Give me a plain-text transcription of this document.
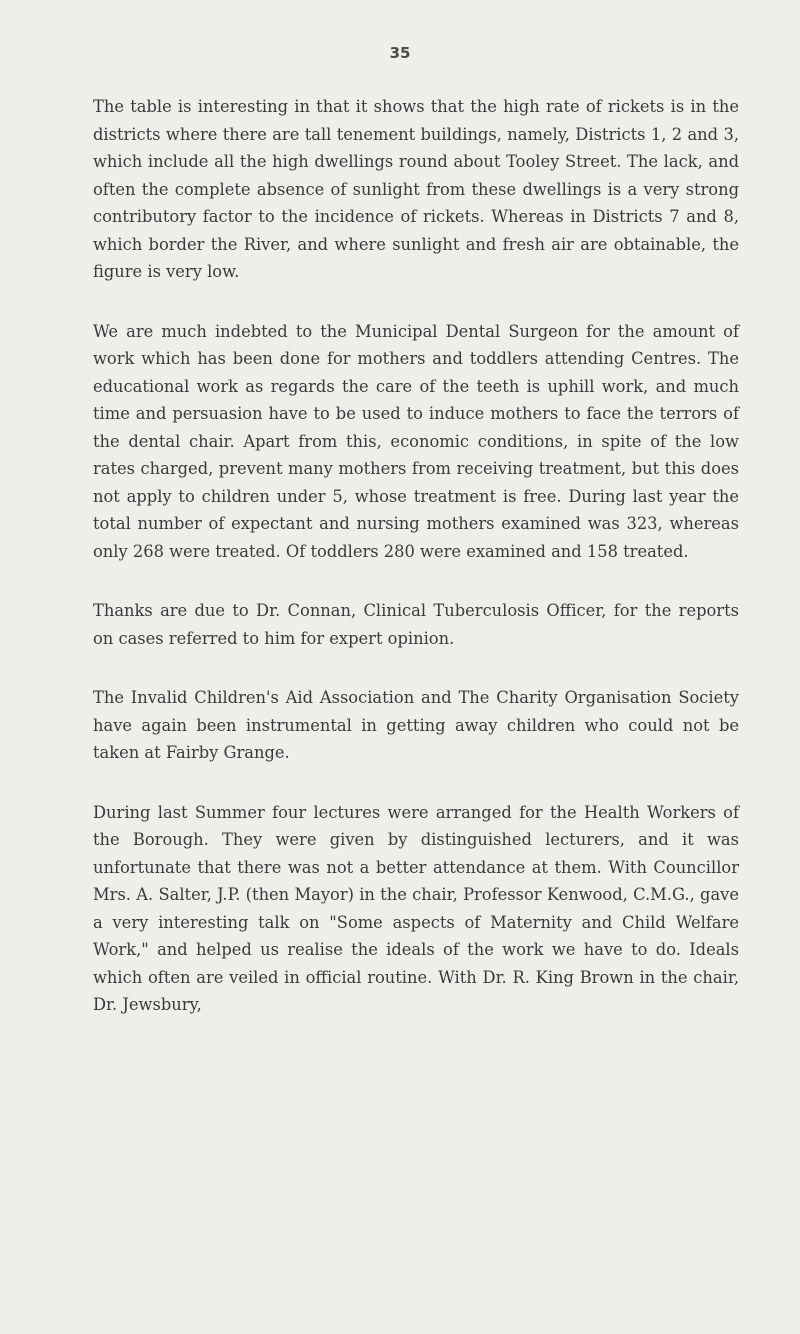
35

The table is interesting in that it shows that the high rate of rickets is in the districts where there are tall tenement buildings, namely, Districts 1, 2 and 3, which include all the high dwellings round about Tooley Street. The lack, and often the complete absence of sunlight from these dwellings is a very strong contributory factor to the incidence of rickets. Whereas in Districts 7 and 8, which border the River, and where sunlight and fresh air are obtainable, the figure is very low.

We are much indebted to the Municipal Dental Surgeon for the amount of work which has been done for mothers and toddlers attending Centres. The educational work as regards the care of the teeth is uphill work, and much time and persuasion have to be used to induce mothers to face the terrors of the dental chair. Apart from this, economic conditions, in spite of the low rates charged, prevent many mothers from receiving treatment, but this does not apply to children under 5, whose treatment is free. During last year the total number of expectant and nursing mothers examined was 323, whereas only 268 were treated. Of toddlers 280 were examined and 158 treated.

Thanks are due to Dr. Connan, Clinical Tuberculosis Officer, for the reports on cases referred to him for expert opinion.

The Invalid Children's Aid Association and The Charity Organisation Society have again been instrumental in getting away children who could not be taken at Fairby Grange.

During last Summer four lectures were arranged for the Health Workers of the Borough. They were given by distinguished lecturers, and it was unfortunate that there was not a better attendance at them. With Councillor Mrs. A. Salter, J.P. (then Mayor) in the chair, Professor Kenwood, C.M.G., gave a very interesting talk on "Some aspects of Maternity and Child Welfare Work," and helped us realise the ideals of the work we have to do. Ideals which often are veiled in official routine. With Dr. R. King Brown in the chair, Dr. Jewsbury,
